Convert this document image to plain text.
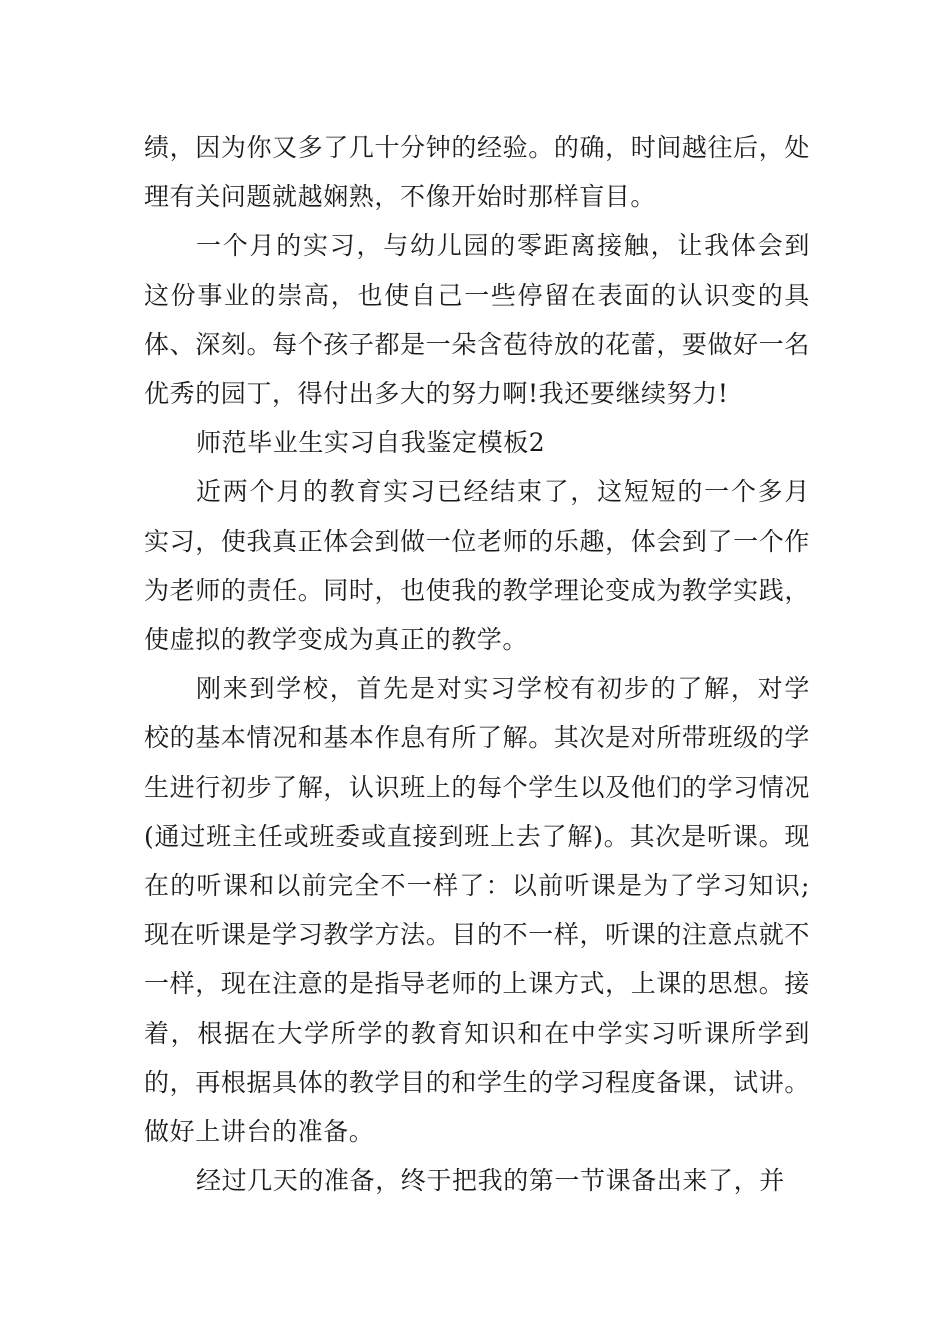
绩，因为你又多了几十分钟的经验。的确，时间越往后，处理有关问题就越娴熟，不像开始时那样盲目。

一个月的实习，与幼儿园的零距离接触，让我体会到这份事业的崇高，也使自己一些停留在表面的认识变的具体、深刻。每个孩子都是一朵含苞待放的花蕾，要做好一名优秀的园丁，得付出多大的努力啊!我还要继续努力!

师范毕业生实习自我鉴定模板2

近两个月的教育实习已经结束了，这短短的一个多月实习，使我真正体会到做一位老师的乐趣，体会到了一个作为老师的责任。同时，也使我的教学理论变成为教学实践，使虚拟的教学变成为真正的教学。

刚来到学校，首先是对实习学校有初步的了解，对学校的基本情况和基本作息有所了解。其次是对所带班级的学生进行初步了解，认识班上的每个学生以及他们的学习情况(通过班主任或班委或直接到班上去了解)。其次是听课。现在的听课和以前完全不一样了：以前听课是为了学习知识;现在听课是学习教学方法。目的不一样，听课的注意点就不一样，现在注意的是指导老师的上课方式，上课的思想。接着，根据在大学所学的教育知识和在中学实习听课所学到的，再根据具体的教学目的和学生的学习程度备课，试讲。做好上讲台的准备。

经过几天的准备，终于把我的第一节课备出来了，并
